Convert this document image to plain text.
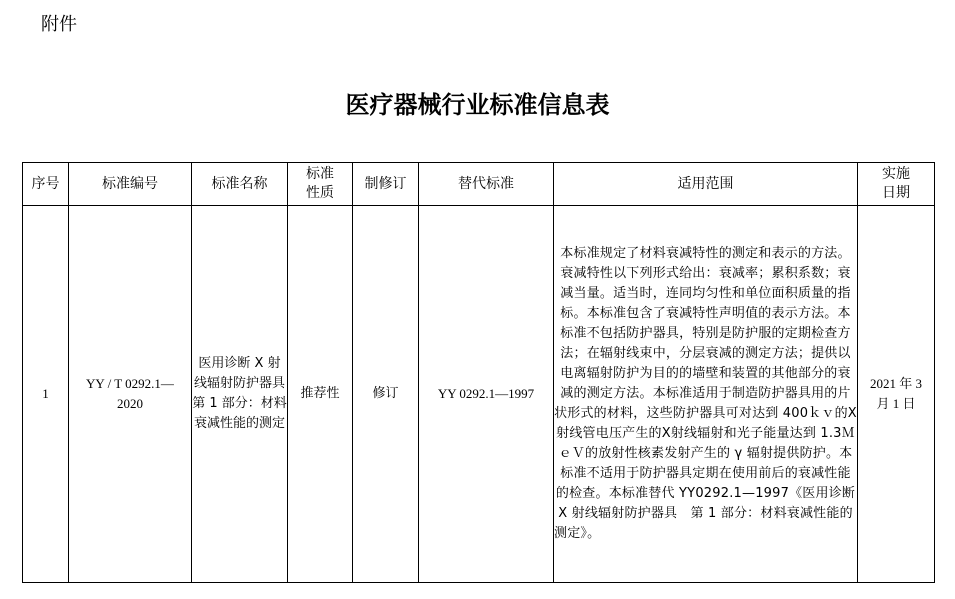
附件
医疗器械行业标准信息表
序号	标准编号	标准名称	标准性质	制修订	替代标准	适用范围	实施日期
1	YY / T 0292.1—2020	医用诊断 X 射线辐射防护器具　第 1 部分：材料衰减性能的测定	推荐性	修订	YY 0292.1—1997	本标准规定了材料衰减特性的测定和表示的方法。衰减特性以下列形式给出：衰减率；累积系数；衰减当量。适当时，连同均匀性和单位面积质量的指标。本标准包含了衰减特性声明值的表示方法。本标准不包括防护器具，特别是防护服的定期检查方法；在辐射线束中，分层衰减的测定方法；提供以电离辐射防护为目的的墙壁和装置的其他部分的衰减的测定方法。本标准适用于制造防护器具用的片状形式的材料，这些防护器具可对达到 400ｋｖ的X射线管电压产生的X射线辐射和光子能量达到 1.3ＭｅＶ的放射性核素发射产生的 γ 辐射提供防护。本标准不适用于防护器具定期在使用前后的衰减性能的检查。本标准替代 YY0292.1—1997《医用诊断 X 射线辐射防护器具　第 1 部分：材料衰减性能的测定》。	2021 年 3 月 1 日
